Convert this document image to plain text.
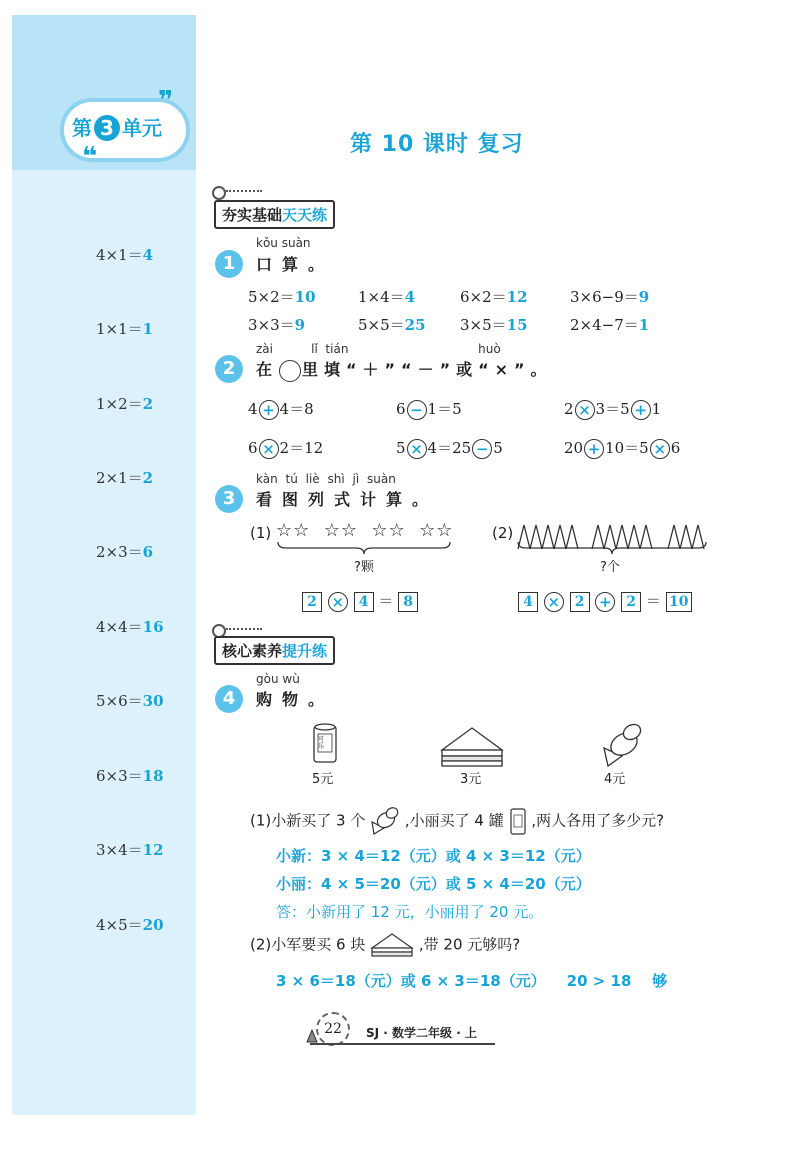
第 3 单元
❞
❝
4×1＝4
1×1＝1
1×2＝2
2×1＝2
2×3＝6
4×4＝16
5×6＝30
6×3＝18
3×4＝12
4×5＝20
第 10 课时 复习
夯实基础天天练
kǒu suàn
1	口算。
5×2＝10	1×4＝4	6×2＝12	3×6−9＝9
3×3＝9	5×5＝25 3×5＝15	2×4−7＝1
zài          lǐ  tián                                  huò
2	在 里填“＋”“－”或“×”。
4 + 4＝8	6 − 1＝5	2 × 3＝5 + 1
6 × 2＝12	5 × 4＝25 − 5	20 + 10＝5 × 6
kàn tú liè shì jì suàn
3	看图列式计算。
(1) ☆☆  ☆☆  ☆☆  ☆☆
?颗
(2)
?个
2 × 4 ＝ 8	4 × 2 + 2 ＝ 10
核心素养提升练
gòu wù
4	购物。
可乐
5元	3元	4元
(1)小新买了 3 个	,小丽买了 4 罐 ,两人各用了多少元?
小新：3 × 4＝12（元）或 4 × 3＝12（元）
小丽：4 × 5＝20（元）或 5 × 4＝20（元）
答：小新用了 12 元，小丽用了 20 元。
(2)小军要买 6 块	,带 20 元够吗?
3 × 6＝18（元）或 6 × 3＝18（元）    20 > 18    够
22	SJ · 数学二年级 · 上
